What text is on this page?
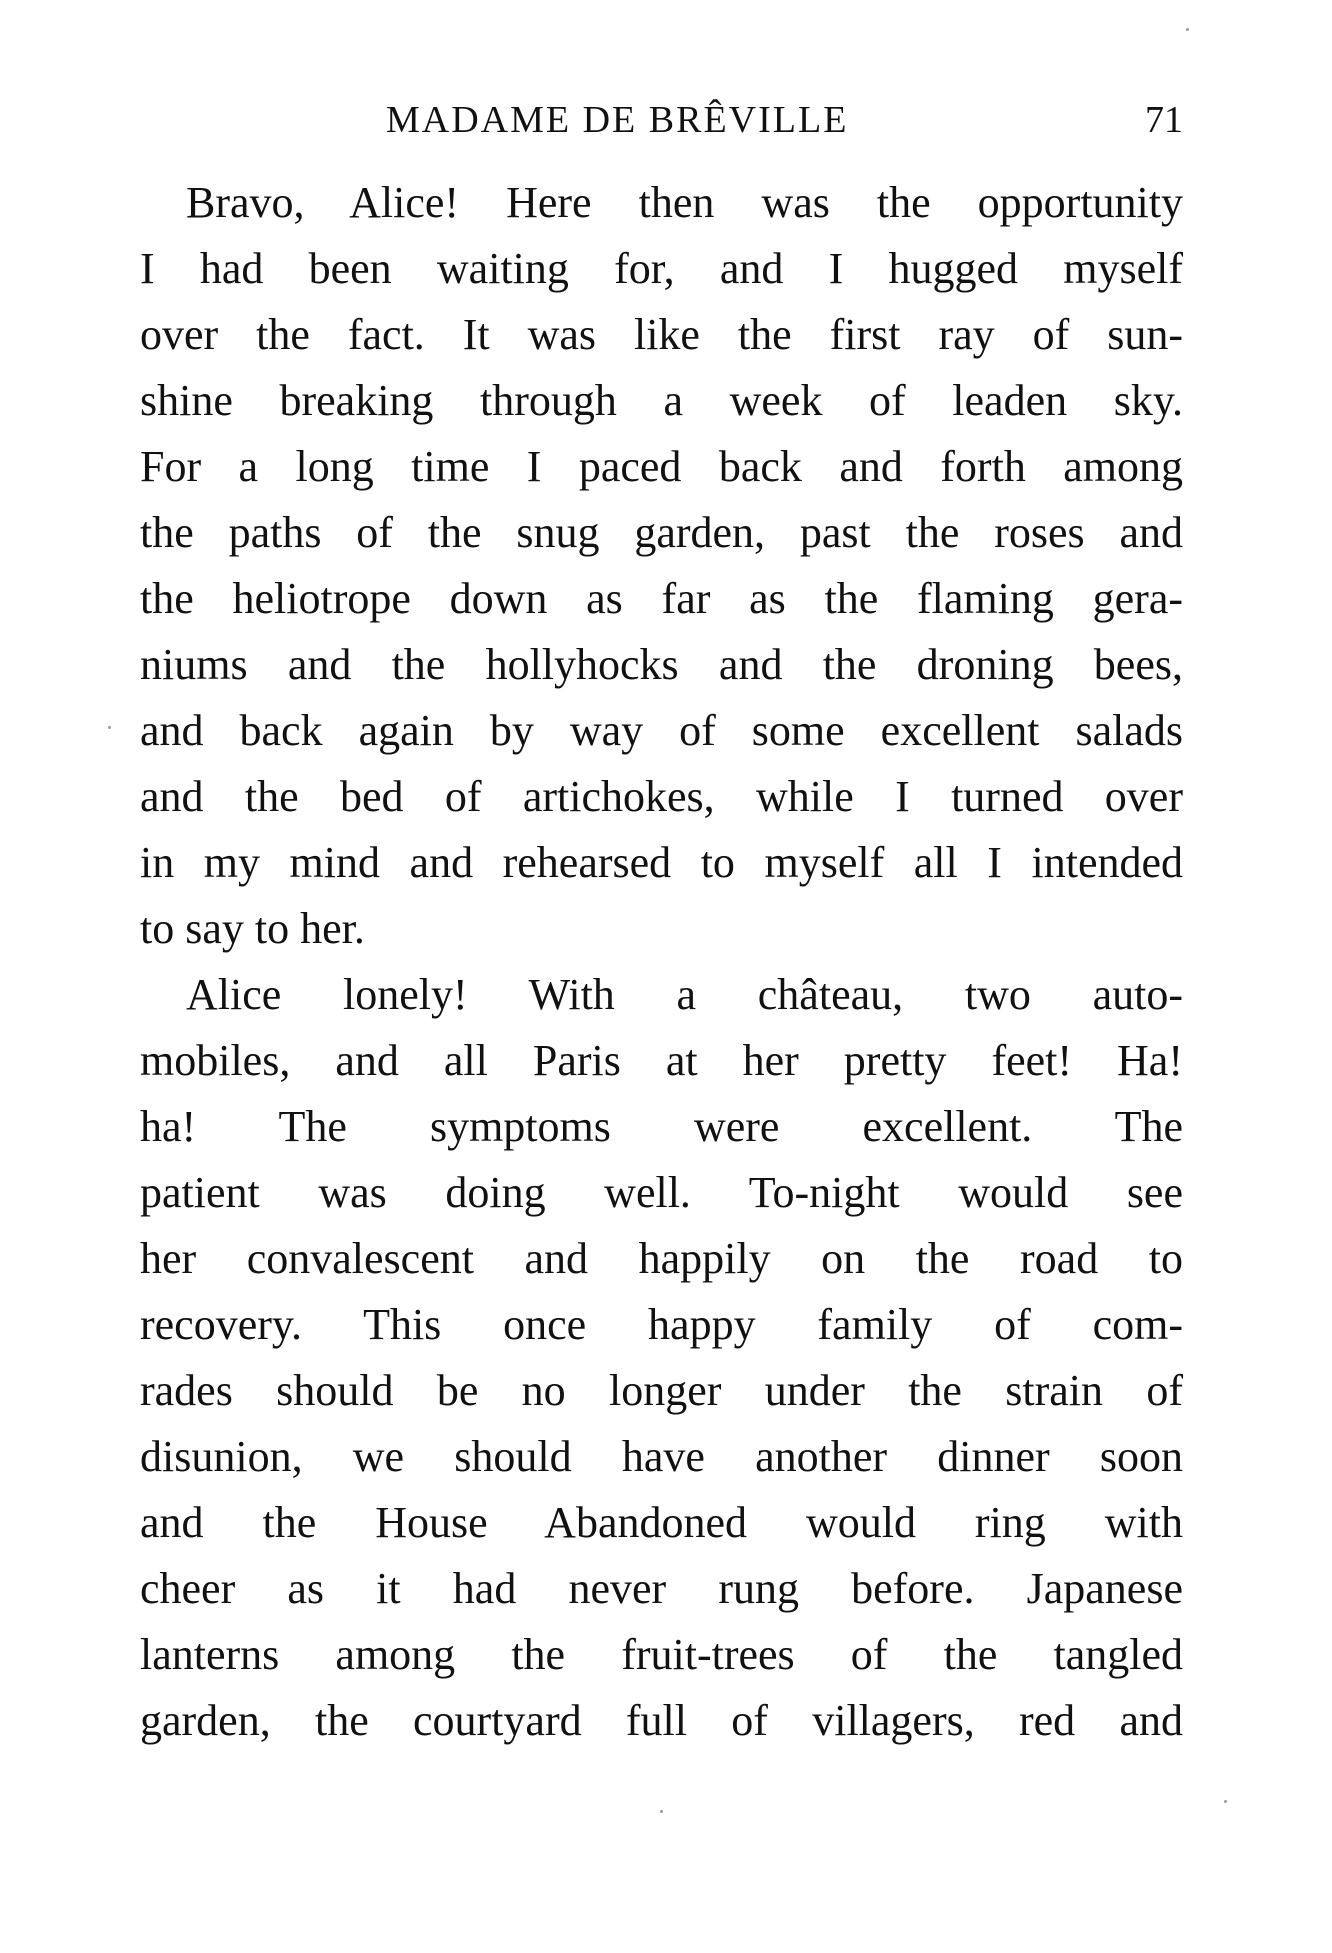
MADAME DE BRÊVILLE	71
Bravo, Alice! Here then was the opportunity
I had been waiting for, and I hugged myself
over the fact. It was like the first ray of sun-
shine breaking through a week of leaden sky.
For a long time I paced back and forth among
the paths of the snug garden, past the roses and
the heliotrope down as far as the flaming gera-
niums and the hollyhocks and the droning bees,
and back again by way of some excellent salads
and the bed of artichokes, while I turned over
in my mind and rehearsed to myself all I intended
to say to her.
Alice lonely! With a château, two auto-
mobiles, and all Paris at her pretty feet! Ha!
ha! The symptoms were excellent. The
patient was doing well. To-night would see
her convalescent and happily on the road to
recovery. This once happy family of com-
rades should be no longer under the strain of
disunion, we should have another dinner soon
and the House Abandoned would ring with
cheer as it had never rung before. Japanese
lanterns among the fruit-trees of the tangled
garden, the courtyard full of villagers, red and
